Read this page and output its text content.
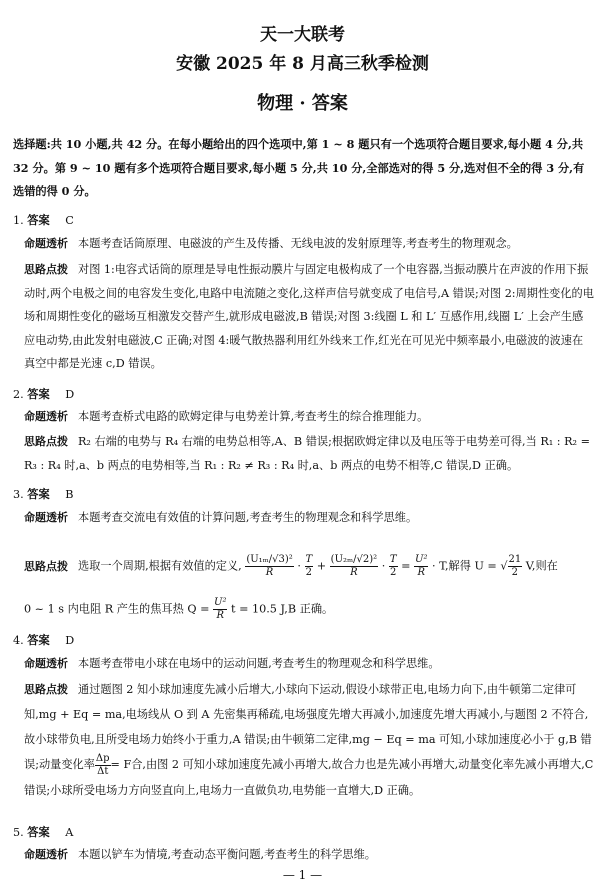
天一大联考
安徽 2025 年 8 月高三秋季检测
物理 · 答案
选择题:共 10 小题,共 42 分。在每小题给出的四个选项中,第 1 ~ 8 题只有一个选项符合题目要求,每小题 4 分,共 32 分。第 9 ~ 10 题有多个选项符合题目要求,每小题 5 分,共 10 分,全部选对的得 5 分,选对但不全的得 3 分,有选错的得 0 分。
1. 答案 C
命题透析 本题考查话筒原理、电磁波的产生及传播、无线电波的发射原理等,考查考生的物理观念。
思路点拨 对图 1:电容式话筒的原理是导电性振动膜片与固定电极构成了一个电容器,当振动膜片在声波的作用下振动时,两个电极之间的电容发生变化,电路中电流随之变化,这样声信号就变成了电信号,A 错误;对图 2:周期性变化的电场和周期性变化的磁场互相激发交替产生,就形成电磁波,B 错误;对图 3:线圈 L 和 L′ 互感作用,线圈 L′ 上会产生感应电动势,由此发射电磁波,C 正确;对图 4:暖气散热器利用红外线来工作,红光在可见光中频率最小,电磁波的波速在真空中都是光速 c,D 错误。
2. 答案 D
命题透析 本题考查桥式电路的欧姆定律与电势差计算,考查考生的综合推理能力。
思路点拨 R₂ 右端的电势与 R₄ 右端的电势总相等,A、B 错误;根据欧姆定律以及电压等于电势差可得,当 R₁ : R₂ = R₃ : R₄ 时,a、b 两点的电势相等,当 R₁ : R₂ ≠ R₃ : R₄ 时,a、b 两点的电势不相等,C 错误,D 正确。
3. 答案 B
命题透析 本题考查交流电有效值的计算问题,考查考生的物理观念和科学思维。
思路点拨 选取一个周期,根据有效值的定义, $\frac{\text{(U₁ₘ/√3)²}}{R} \cdot \frac{T}{2} + \frac{\text{(U₂ₘ/√2)²}}{R} \cdot \frac{T}{2} = \frac{\text{U²}}{R} \cdot T$,解得 U = √ $\frac{21}{2} V$,则在
0 ~ 1 s 内电阻 R 产生的焦耳热 $Q = \frac{\text{U²}}{R}$ t = 10.5 J,B 正确。
4. 答案 D
命题透析 本题考查带电小球在电场中的运动问题,考查考生的物理观念和科学思维。
思路点拨 通过题图 2 知小球加速度先减小后增大,小球向下运动,假设小球带正电,电场力向下,由牛顿第二定律可知,mg + Eq = ma,电场线从 O 到 A 先密集再稀疏,电场强度先增大再减小,加速度先增大再减小,与题图 2 不符合,故小球带负电,且所受电场力始终小于重力,A 错误;由牛顿第二定律,mg − Eq = ma 可知,小球加速度必小于 g,B 错误;动量变化率 $\frac{\Delta p}{\Delta t} = F$合,由图 2 可知小球加速度先减小再增大,故合力也是先减小再增大,动量变化率先减小再增大,C 错误;小球所受电场力方向竖直向上,电场力一直做负功,电势能一直增大,D 正确。
5. 答案 A
命题透析 本题以铲车为情境,考查动态平衡问题,考查考生的科学思维。
— 1 —
